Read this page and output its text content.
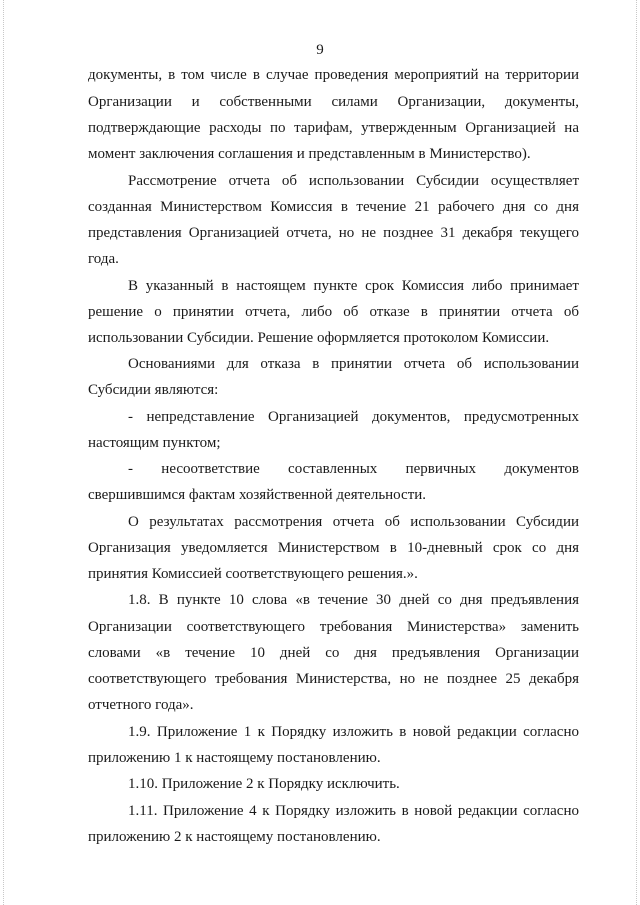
9
документы, в том числе в случае проведения мероприятий на территории
Организации и собственными силами Организации, документы,
подтверждающие расходы по тарифам, утвержденным Организацией на
момент заключения соглашения и представленным в Министерство).
Рассмотрение отчета об использовании Субсидии осуществляет
созданная Министерством Комиссия в течение 21 рабочего дня со дня
представления Организацией отчета, но не позднее 31 декабря текущего
года.
В указанный в настоящем пункте срок Комиссия либо принимает
решение о принятии отчета, либо об отказе в принятии отчета об
использовании Субсидии. Решение оформляется протоколом Комиссии.
Основаниями для отказа в принятии отчета об использовании
Субсидии являются:
- непредставление Организацией документов, предусмотренных
настоящим пунктом;
- несоответствие составленных первичных документов
свершившимся фактам хозяйственной деятельности.
О результатах рассмотрения отчета об использовании Субсидии
Организация уведомляется Министерством в 10-дневный срок со дня
принятия Комиссией соответствующего решения.».
1.8. В пункте 10 слова «в течение 30 дней со дня предъявления
Организации соответствующего требования Министерства» заменить
словами «в течение 10 дней со дня предъявления Организации
соответствующего требования Министерства, но не позднее 25 декабря
отчетного года».
1.9. Приложение 1 к Порядку изложить в новой редакции согласно
приложению 1 к настоящему постановлению.
1.10. Приложение 2 к Порядку исключить.
1.11. Приложение 4 к Порядку изложить в новой редакции согласно
приложению 2 к настоящему постановлению.
